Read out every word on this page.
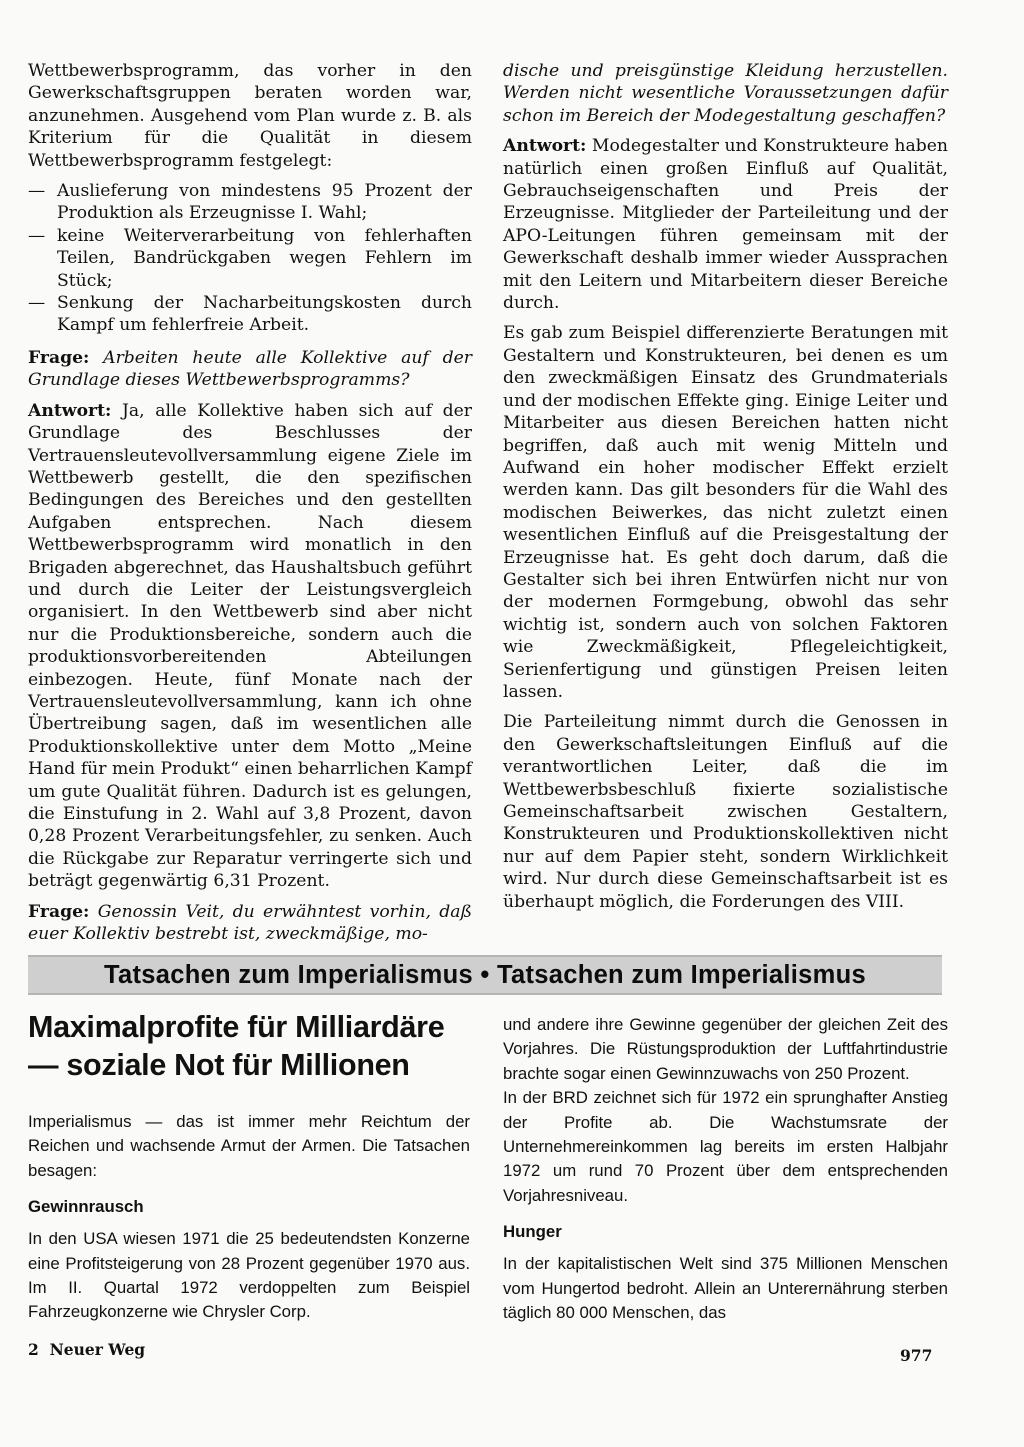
Wettbewerbsprogramm, das vorher in den Gewerkschaftsgruppen beraten worden war, anzunehmen. Ausgehend vom Plan wurde z. B. als Kriterium für die Qualität in diesem Wettbewerbsprogramm festgelegt:

— Auslieferung von mindestens 95 Prozent der Produktion als Erzeugnisse I. Wahl;
— keine Weiterverarbeitung von fehlerhaften Teilen, Bandrückgaben wegen Fehlern im Stück;
— Senkung der Nacharbeitungskosten durch Kampf um fehlerfreie Arbeit.

Frage: Arbeiten heute alle Kollektive auf der Grundlage dieses Wettbewerbsprogramms?

Antwort: Ja, alle Kollektive haben sich auf der Grundlage des Beschlusses der Vertrauensleutevollversammlung eigene Ziele im Wettbewerb gestellt, die den spezifischen Bedingungen des Bereiches und den gestellten Aufgaben entsprechen. Nach diesem Wettbewerbsprogramm wird monatlich in den Brigaden abgerechnet, das Haushaltsbuch geführt und durch die Leiter der Leistungsvergleich organisiert. In den Wettbewerb sind aber nicht nur die Produktionsbereiche, sondern auch die produktionsvorbereitenden Abteilungen einbezogen. Heute, fünf Monate nach der Vertrauensleutevollversammlung, kann ich ohne Übertreibung sagen, daß im wesentlichen alle Produktionskollektive unter dem Motto „Meine Hand für mein Produkt“ einen beharrlichen Kampf um gute Qualität führen. Dadurch ist es gelungen, die Einstufung in 2. Wahl auf 3,8 Prozent, davon 0,28 Prozent Verarbeitungsfehler, zu senken. Auch die Rückgabe zur Reparatur verringerte sich und beträgt gegenwärtig 6,31 Prozent.

Frage: Genossin Veit, du erwähntest vorhin, daß euer Kollektiv bestrebt ist, zweckmäßige, mo-

dische und preisgünstige Kleidung herzustellen. Werden nicht wesentliche Voraussetzungen dafür schon im Bereich der Modegestaltung geschaffen?

Antwort: Modegestalter und Konstrukteure haben natürlich einen großen Einfluß auf Qualität, Gebrauchseigenschaften und Preis der Erzeugnisse. Mitglieder der Parteileitung und der APO-Leitungen führen gemeinsam mit der Gewerkschaft deshalb immer wieder Aussprachen mit den Leitern und Mitarbeitern dieser Bereiche durch.

Es gab zum Beispiel differenzierte Beratungen mit Gestaltern und Konstrukteuren, bei denen es um den zweckmäßigen Einsatz des Grundmaterials und der modischen Effekte ging. Einige Leiter und Mitarbeiter aus diesen Bereichen hatten nicht begriffen, daß auch mit wenig Mitteln und Aufwand ein hoher modischer Effekt erzielt werden kann. Das gilt besonders für die Wahl des modischen Beiwerkes, das nicht zuletzt einen wesentlichen Einfluß auf die Preisgestaltung der Erzeugnisse hat. Es geht doch darum, daß die Gestalter sich bei ihren Entwürfen nicht nur von der modernen Formgebung, obwohl das sehr wichtig ist, sondern auch von solchen Faktoren wie Zweckmäßigkeit, Pflegeleichtigkeit, Serienfertigung und günstigen Preisen leiten lassen.

Die Parteileitung nimmt durch die Genossen in den Gewerkschaftsleitungen Einfluß auf die verantwortlichen Leiter, daß die im Wettbewerbsbeschluß fixierte sozialistische Gemeinschaftsarbeit zwischen Gestaltern, Konstrukteuren und Produktionskollektiven nicht nur auf dem Papier steht, sondern Wirklichkeit wird. Nur durch diese Gemeinschaftsarbeit ist es überhaupt möglich, die Forderungen des VIII.

Tatsachen zum Imperialismus • Tatsachen zum Imperialismus
Maximalprofite für Milliardäre
— soziale Not für Millionen

Imperialismus — das ist immer mehr Reichtum der Reichen und wachsende Armut der Armen. Die Tatsachen besagen:

Gewinnrausch

In den USA wiesen 1971 die 25 bedeutendsten Konzerne eine Profitsteigerung von 28 Prozent gegenüber 1970 aus. Im II. Quartal 1972 verdoppelten zum Beispiel Fahrzeugkonzerne wie Chrysler Corp.

und andere ihre Gewinne gegenüber der gleichen Zeit des Vorjahres. Die Rüstungsproduktion der Luftfahrtindustrie brachte sogar einen Gewinnzuwachs von 250 Prozent.

In der BRD zeichnet sich für 1972 ein sprunghafter Anstieg der Profite ab. Die Wachstumsrate der Unternehmereinkommen lag bereits im ersten Halbjahr 1972 um rund 70 Prozent über dem entsprechenden Vorjahresniveau.

Hunger

In der kapitalistischen Welt sind 375 Millionen Menschen vom Hungertod bedroht. Allein an Unterernährung sterben täglich 80 000 Menschen, das

2  Neuer Weg	977
